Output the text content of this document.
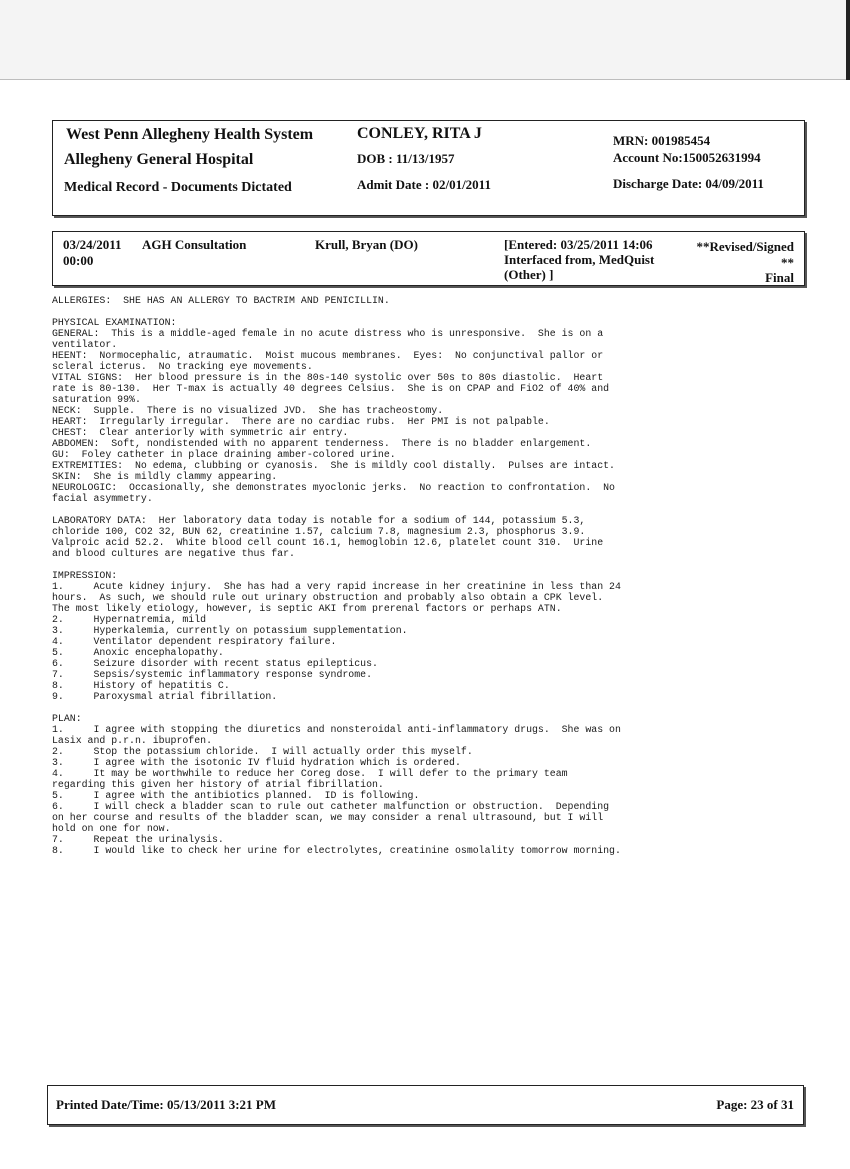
West Penn Allegheny Health System
Allegheny General Hospital
Medical Record - Documents Dictated
CONLEY, RITA J
DOB : 11/13/1957
Admit Date : 02/01/2011
MRN: 001985454
Account No:150052631994
Discharge Date: 04/09/2011
03/24/2011
00:00
AGH Consultation	Krull, Bryan (DO)	[Entered: 03/25/2011 14:06
Interfaced from, MedQuist
(Other) ]
**Revised/Signed
**
Final
ALLERGIES:  SHE HAS AN ALLERGY TO BACTRIM AND PENICILLIN.

PHYSICAL EXAMINATION:
GENERAL:  This is a middle-aged female in no acute distress who is unresponsive.  She is on a
ventilator.
HEENT:  Normocephalic, atraumatic.  Moist mucous membranes.  Eyes:  No conjunctival pallor or
scleral icterus.  No tracking eye movements.
VITAL SIGNS:  Her blood pressure is in the 80s-140 systolic over 50s to 80s diastolic.  Heart
rate is 80-130.  Her T-max is actually 40 degrees Celsius.  She is on CPAP and FiO2 of 40% and
saturation 99%.
NECK:  Supple.  There is no visualized JVD.  She has tracheostomy.
HEART:  Irregularly irregular.  There are no cardiac rubs.  Her PMI is not palpable.
CHEST:  Clear anteriorly with symmetric air entry.
ABDOMEN:  Soft, nondistended with no apparent tenderness.  There is no bladder enlargement.
GU:  Foley catheter in place draining amber-colored urine.
EXTREMITIES:  No edema, clubbing or cyanosis.  She is mildly cool distally.  Pulses are intact.
SKIN:  She is mildly clammy appearing.
NEUROLOGIC:  Occasionally, she demonstrates myoclonic jerks.  No reaction to confrontation.  No
facial asymmetry.

LABORATORY DATA:  Her laboratory data today is notable for a sodium of 144, potassium 5.3,
chloride 100, CO2 32, BUN 62, creatinine 1.57, calcium 7.8, magnesium 2.3, phosphorus 3.9.
Valproic acid 52.2.  White blood cell count 16.1, hemoglobin 12.6, platelet count 310.  Urine
and blood cultures are negative thus far.

IMPRESSION:
1.     Acute kidney injury.  She has had a very rapid increase in her creatinine in less than 24
hours.  As such, we should rule out urinary obstruction and probably also obtain a CPK level.
The most likely etiology, however, is septic AKI from prerenal factors or perhaps ATN.
2.     Hypernatremia, mild
3.     Hyperkalemia, currently on potassium supplementation.
4.     Ventilator dependent respiratory failure.
5.     Anoxic encephalopathy.
6.     Seizure disorder with recent status epilepticus.
7.     Sepsis/systemic inflammatory response syndrome.
8.     History of hepatitis C.
9.     Paroxysmal atrial fibrillation.

PLAN:
1.     I agree with stopping the diuretics and nonsteroidal anti-inflammatory drugs.  She was on
Lasix and p.r.n. ibuprofen.
2.     Stop the potassium chloride.  I will actually order this myself.
3.     I agree with the isotonic IV fluid hydration which is ordered.
4.     It may be worthwhile to reduce her Coreg dose.  I will defer to the primary team
regarding this given her history of atrial fibrillation.
5.     I agree with the antibiotics planned.  ID is following.
6.     I will check a bladder scan to rule out catheter malfunction or obstruction.  Depending
on her course and results of the bladder scan, we may consider a renal ultrasound, but I will
hold on one for now.
7.     Repeat the urinalysis.
8.     I would like to check her urine for electrolytes, creatinine osmolality tomorrow morning.

Printed Date/Time: 05/13/2011 3:21 PM	Page: 23 of 31
